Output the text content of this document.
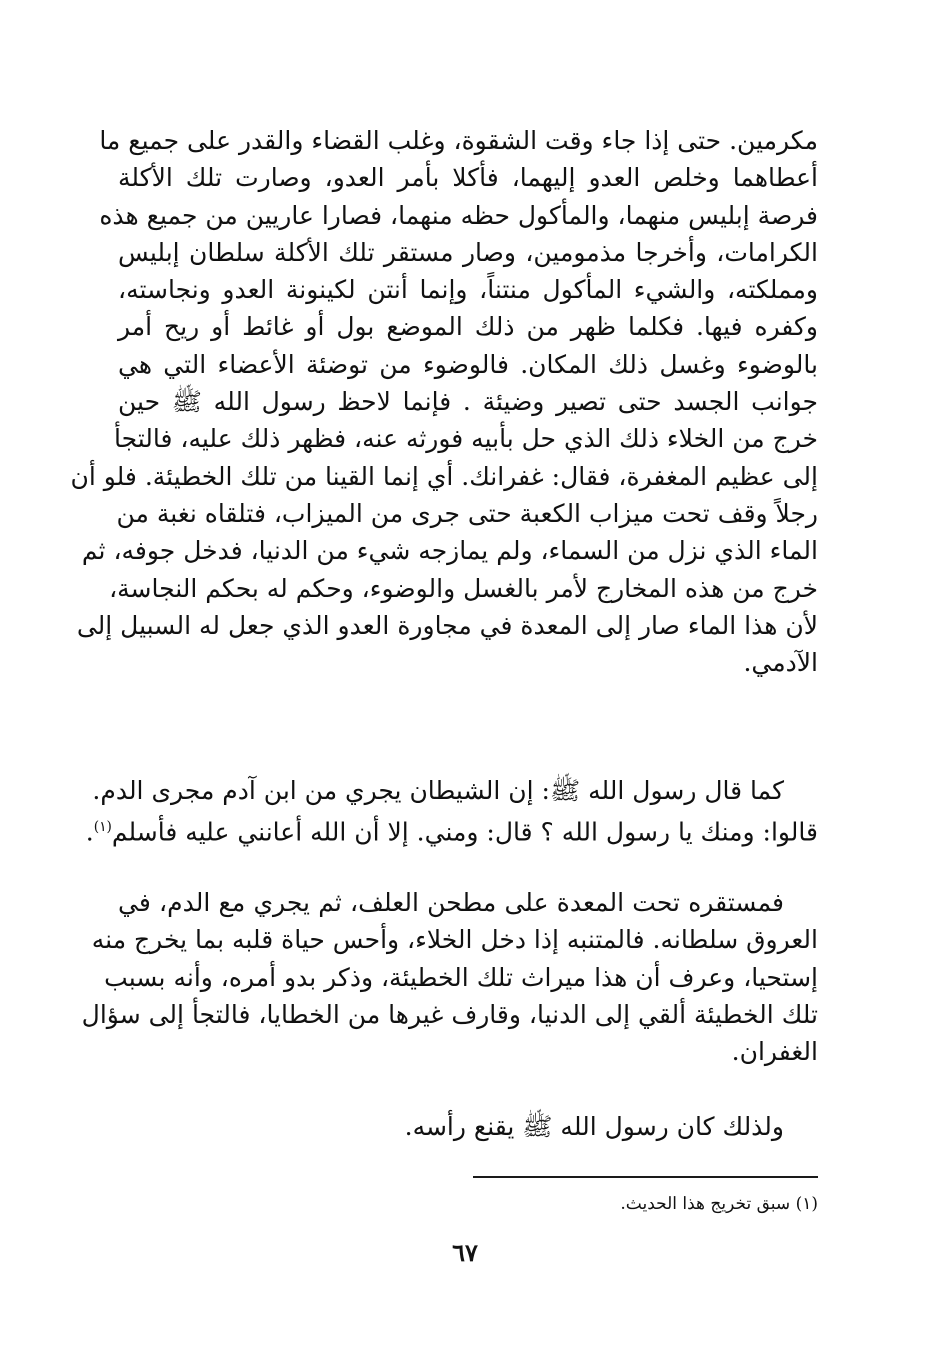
مكرمين. حتى إذا جاء وقت الشقوة، وغلب القضاء والقدر على جميع ما
أعطاهما وخلص العدو إليهما، فأكلا بأمر العدو، وصارت تلك الأكلة
فرصة إبليس منهما، والمأكول حظه منهما، فصارا عاريين من جميع هذه
الكرامات، وأخرجا مذمومين، وصار مستقر تلك الأكلة سلطان إبليس
ومملكته، والشيء المأكول منتناً، وإنما أنتن لكينونة العدو ونجاسته،
وكفره فيها. فكلما ظهر من ذلك الموضع بول أو غائط أو ريح أمر
بالوضوء وغسل ذلك المكان. فالوضوء من توضئة الأعضاء التي هي
جوانب الجسد حتى تصير وضيئة . فإنما لاحظ رسول الله ﷺ حين
خرج من الخلاء ذلك الذي حل بأبيه فورثه عنه، فظهر ذلك عليه، فالتجأ
إلى عظيم المغفرة، فقال: غفرانك. أي إنما القينا من تلك الخطيئة. فلو أن
رجلاً وقف تحت ميزاب الكعبة حتى جرى من الميزاب، فتلقاه نغبة من
الماء الذي نزل من السماء، ولم يمازجه شيء من الدنيا، فدخل جوفه، ثم
خرج من هذه المخارج لأمر بالغسل والوضوء، وحكم له بحكم النجاسة،
لأن هذا الماء صار إلى المعدة في مجاورة العدو الذي جعل له السبيل إلى
الآدمي.
كما قال رسول الله ﷺ: إن الشيطان يجري من ابن آدم مجرى الدم.
قالوا: ومنك يا رسول الله ؟ قال: ومني. إلا أن الله أعانني عليه فأسلم$^{(١)}$.
فمستقره تحت المعدة على مطحن العلف، ثم يجري مع الدم، في
العروق سلطانه. فالمتنبه إذا دخل الخلاء، وأحس حياة قلبه بما يخرج منه
إستحيا، وعرف أن هذا ميراث تلك الخطيئة، وذكر بدو أمره، وأنه بسبب
تلك الخطيئة ألقي إلى الدنيا، وقارف غيرها من الخطايا، فالتجأ إلى سؤال
الغفران.
ولذلك كان رسول الله ﷺ يقنع رأسه.
(١) سبق تخريج هذا الحديث.
٦٧
